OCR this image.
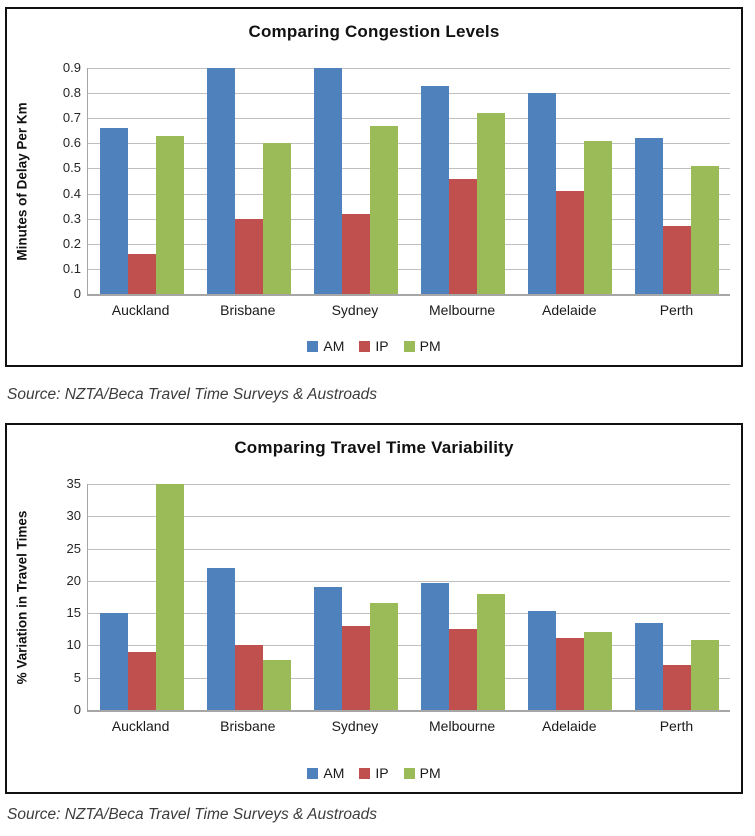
Comparing Congestion Levels
Minutes of Delay Per Km
0
0.1
0.2
0.3
0.4
0.5
0.6
0.7
0.8
0.9
Auckland	Brisbane	Sydney	Melbourne	Adelaide	Perth
AM IP PM
Source: NZTA/Beca Travel Time Surveys & Austroads
Comparing Travel Time Variability
% Variation in Travel Times
0
5
10
15
20
25
30
35
Auckland	Brisbane	Sydney	Melbourne	Adelaide	Perth
AM IP PM
Source: NZTA/Beca Travel Time Surveys & Austroads
